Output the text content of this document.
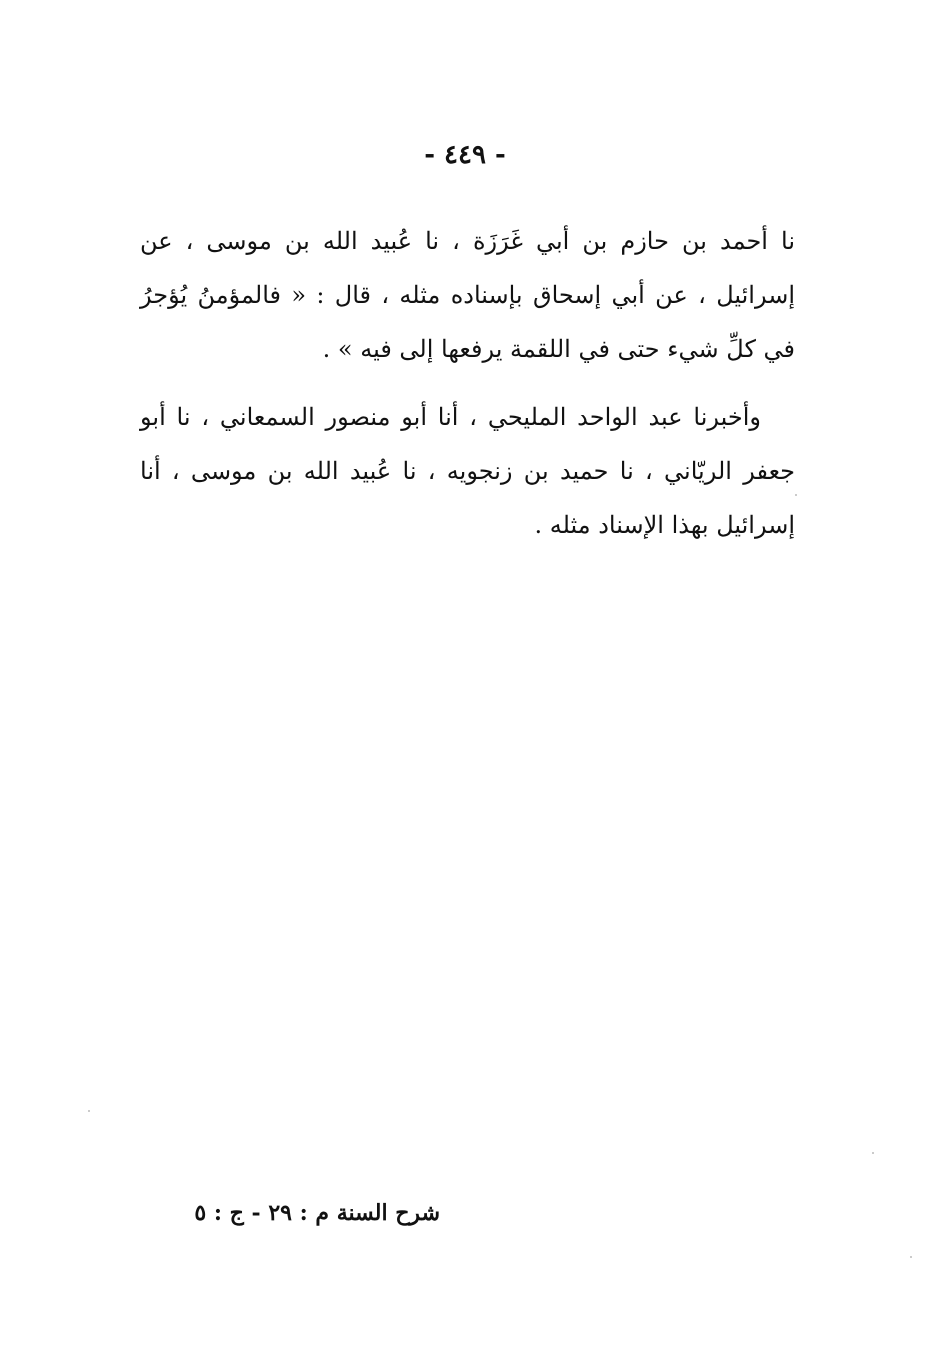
- ٤٤٩ -

نا أحمد بن حازم بن أبي غَرَزَة ، نا عُبيد الله بن موسى ، عن إسرائيل ، عن أبي إسحاق بإسناده مثله ، قال : « فالمؤمنُ يُؤجرُ في كلِّ شيء حتى في اللقمة يرفعها إلى فيه » .

وأخبرنا عبد الواحد المليحي ، أنا أبو منصور السمعاني ، نا أبو جعفر الريّاني ، نا حميد بن زنجويه ، نا عُبيد الله بن موسى ، أنا إسرائيل بهذا الإسناد مثله .

شرح السنة م : ٢٩ - ج : ٥
